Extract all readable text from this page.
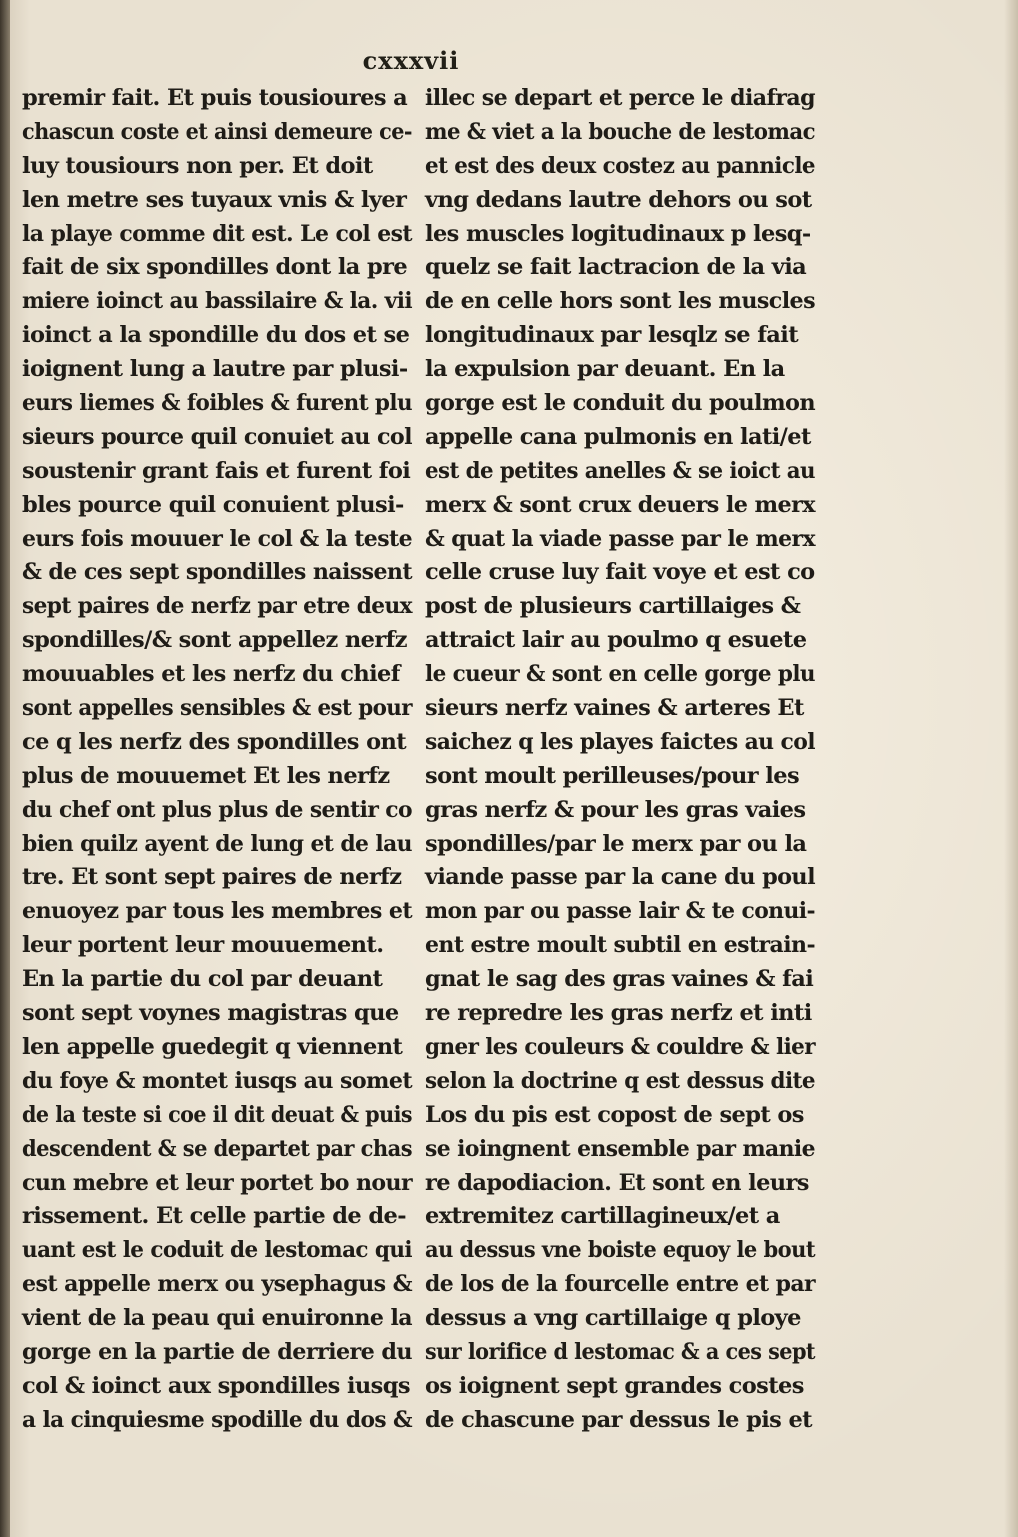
cxxxvii
premir fait. Et puis tousioures a
chascun coste et ainsi demeure ce-
luy tousiours non per. Et doit
len metre ses tuyaux vnis & lyer
la playe comme dit est. Le col est
fait de six spondilles dont la pre
miere ioinct au bassilaire & la. vii
ioinct a la spondille du dos et se
ioignent lung a lautre par plusi-
eurs liemes & foibles & furent plu
sieurs pource quil conuiet au col
soustenir grant fais et furent foi
bles pource quil conuient plusi-
eurs fois mouuer le col & la teste
& de ces sept spondilles naissent
sept paires de nerfz par etre deux
spondilles/& sont appellez nerfz
mouuables et les nerfz du chief
sont appelles sensibles & est pour
ce q les nerfz des spondilles ont
plus de mouuemet Et les nerfz
du chef ont plus plus de sentir co
bien quilz ayent de lung et de lau
tre. Et sont sept paires de nerfz
enuoyez par tous les membres et
leur portent leur mouuement.
En la partie du col par deuant
sont sept voynes magistras que
len appelle guedegit q viennent
du foye & montet iusqs au somet
de la teste si coe il dit deuat & puis
descendent & se departet par chas
cun mebre et leur portet bo nour
rissement. Et celle partie de de-
uant est le coduit de lestomac qui
est appelle merx ou ysephagus &
vient de la peau qui enuironne la
gorge en la partie de derriere du
col & ioinct aux spondilles iusqs
a la cinquiesme spodille du dos &
illec se depart et perce le diafrag
me & viet a la bouche de lestomac
et est des deux costez au pannicle
vng dedans lautre dehors ou sot
les muscles logitudinaux p lesq-
quelz se fait lactracion de la via
de en celle hors sont les muscles
longitudinaux par lesqlz se fait
la expulsion par deuant. En la
gorge est le conduit du poulmon
appelle cana pulmonis en lati/et
est de petites anelles & se ioict au
merx & sont crux deuers le merx
& quat la viade passe par le merx
celle cruse luy fait voye et est co
post de plusieurs cartillaiges &
attraict lair au poulmo q esuete
le cueur & sont en celle gorge plu
sieurs nerfz vaines & arteres Et
saichez q les playes faictes au col
sont moult perilleuses/pour les
gras nerfz & pour les gras vaies
spondilles/par le merx par ou la
viande passe par la cane du poul
mon par ou passe lair & te conui-
ent estre moult subtil en estrain-
gnat le sag des gras vaines & fai
re repredre les gras nerfz et inti
gner les couleurs & couldre & lier
selon la doctrine q est dessus dite
Los du pis est copost de sept os
se ioingnent ensemble par manie
re dapodiacion. Et sont en leurs
extremitez cartillagineux/et a
au dessus vne boiste equoy le bout
de los de la fourcelle entre et par
dessus a vng cartillaige q ploye
sur lorifice d lestomac & a ces sept
os ioignent sept grandes costes
de chascune par dessus le pis et
